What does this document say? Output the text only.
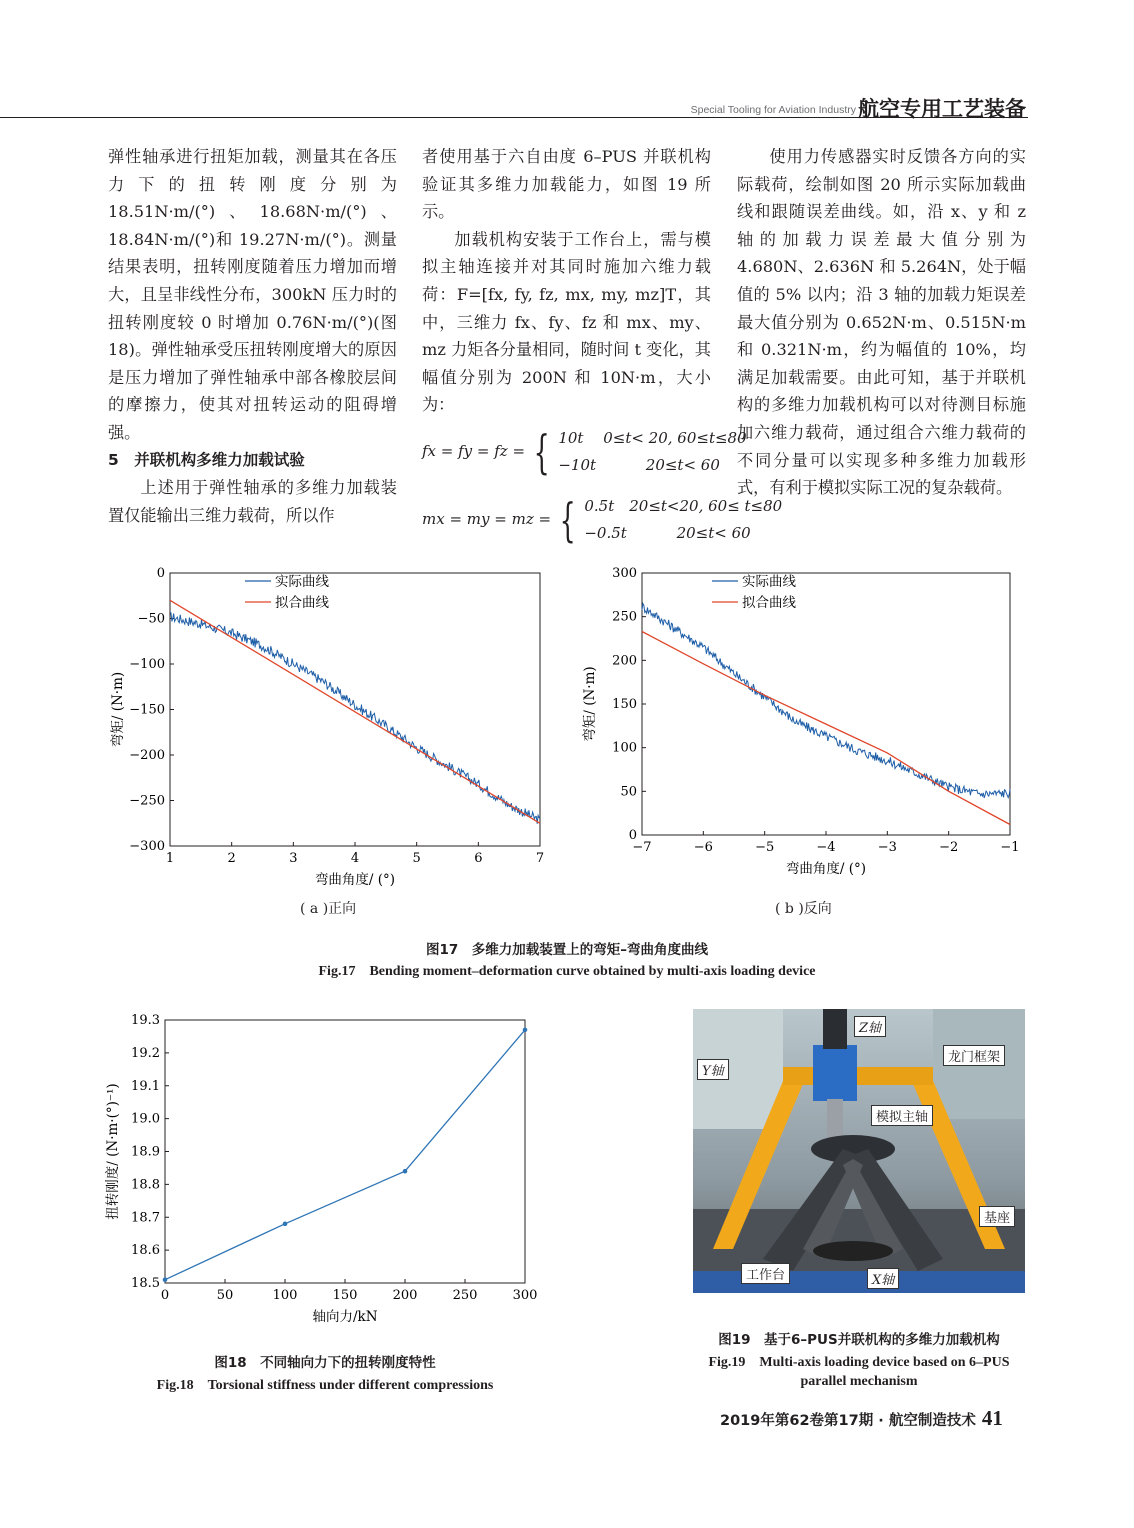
Special Tooling for Aviation Industry 航空专用工艺装备

弹性轴承进行扭矩加载，测量其在各压力下的扭转刚度分别为 18.51N·m/(°)、18.68N·m/(°)、18.84N·m/(°)和 19.27N·m/(°)。测量结果表明，扭转刚度随着压力增加而增大，且呈非线性分布，300kN 压力时的扭转刚度较 0 时增加 0.76N·m/(°)(图 18)。弹性轴承受压扭转刚度增大的原因是压力增加了弹性轴承中部各橡胶层间的摩擦力，使其对扭转运动的阻碍增强。

5　并联机构多维力加载试验

上述用于弹性轴承的多维力加载装置仅能输出三维力载荷，所以作

者使用基于六自由度 6–PUS 并联机构验证其多维力加载能力，如图 19 所示。

加载机构安装于工作台上，需与模拟主轴连接并对其同时施加六维力载荷：F=[fx, fy, fz, mx, my, mz]T，其中，三维力 fx、fy、fz 和 mx、my、mz 力矩各分量相同，随时间 t 变化，其幅值分别为 200N 和 10N·m，大小为：

fx = fy = fz = { 10t　 0≤t< 20, 60≤t≤80
−10t　　　 20≤t< 60
mx = my = mz = { 0.5t　20≤t<20, 60≤ t≤80
−0.5t　　　 20≤t< 60

使用力传感器实时反馈各方向的实际载荷，绘制如图 20 所示实际加载曲线和跟随误差曲线。如，沿 x、y 和 z 轴的加载力误差最大值分别为 4.680N、2.636N 和 5.264N，处于幅值的 5% 以内；沿 3 轴的加载力矩误差最大值分别为 0.652N·m、0.515N·m 和 0.321N·m，约为幅值的 10%，均满足加载需要。由此可知，基于并联机构的多维力加载机构可以对待测目标施加六维力载荷，通过组合六维力载荷的不同分量可以实现多种多维力加载形式，有利于模拟实际工况的复杂载荷。

1	2	3	4	5	6	7
0
−50
−100
−150
−200
−250
−300
弯曲角度/ (°)
弯矩/ (N·m)
实际曲线
拟合曲线
−7	−6	−5	−4	−3	−2	−1
0
50
100
150
200
250
300
弯曲角度/ (°)
弯矩/ (N·m)
实际曲线
拟合曲线
( a )正向	( b )反向
图17　多维力加载装置上的弯矩–弯曲角度曲线
Fig.17　Bending moment–deformation curve obtained by multi-axis loading device
0	50	100	150	200	250	300
18.5
18.6
18.7
18.8
18.9
19.0
19.1
19.2
19.3
轴向力/kN
扭转刚度/ (N·m·(°)⁻¹)
图18　不同轴向力下的扭转刚度特性
Fig.18　Torsional stiffness under different compressions
Z轴
Y轴
龙门框架
模拟主轴
基座
工作台	X轴
图19　基于6–PUS并联机构的多维力加载机构
Fig.19　Multi-axis loading device based on 6–PUS
parallel mechanism
2019年第62卷第17期 · 航空制造技术 41
